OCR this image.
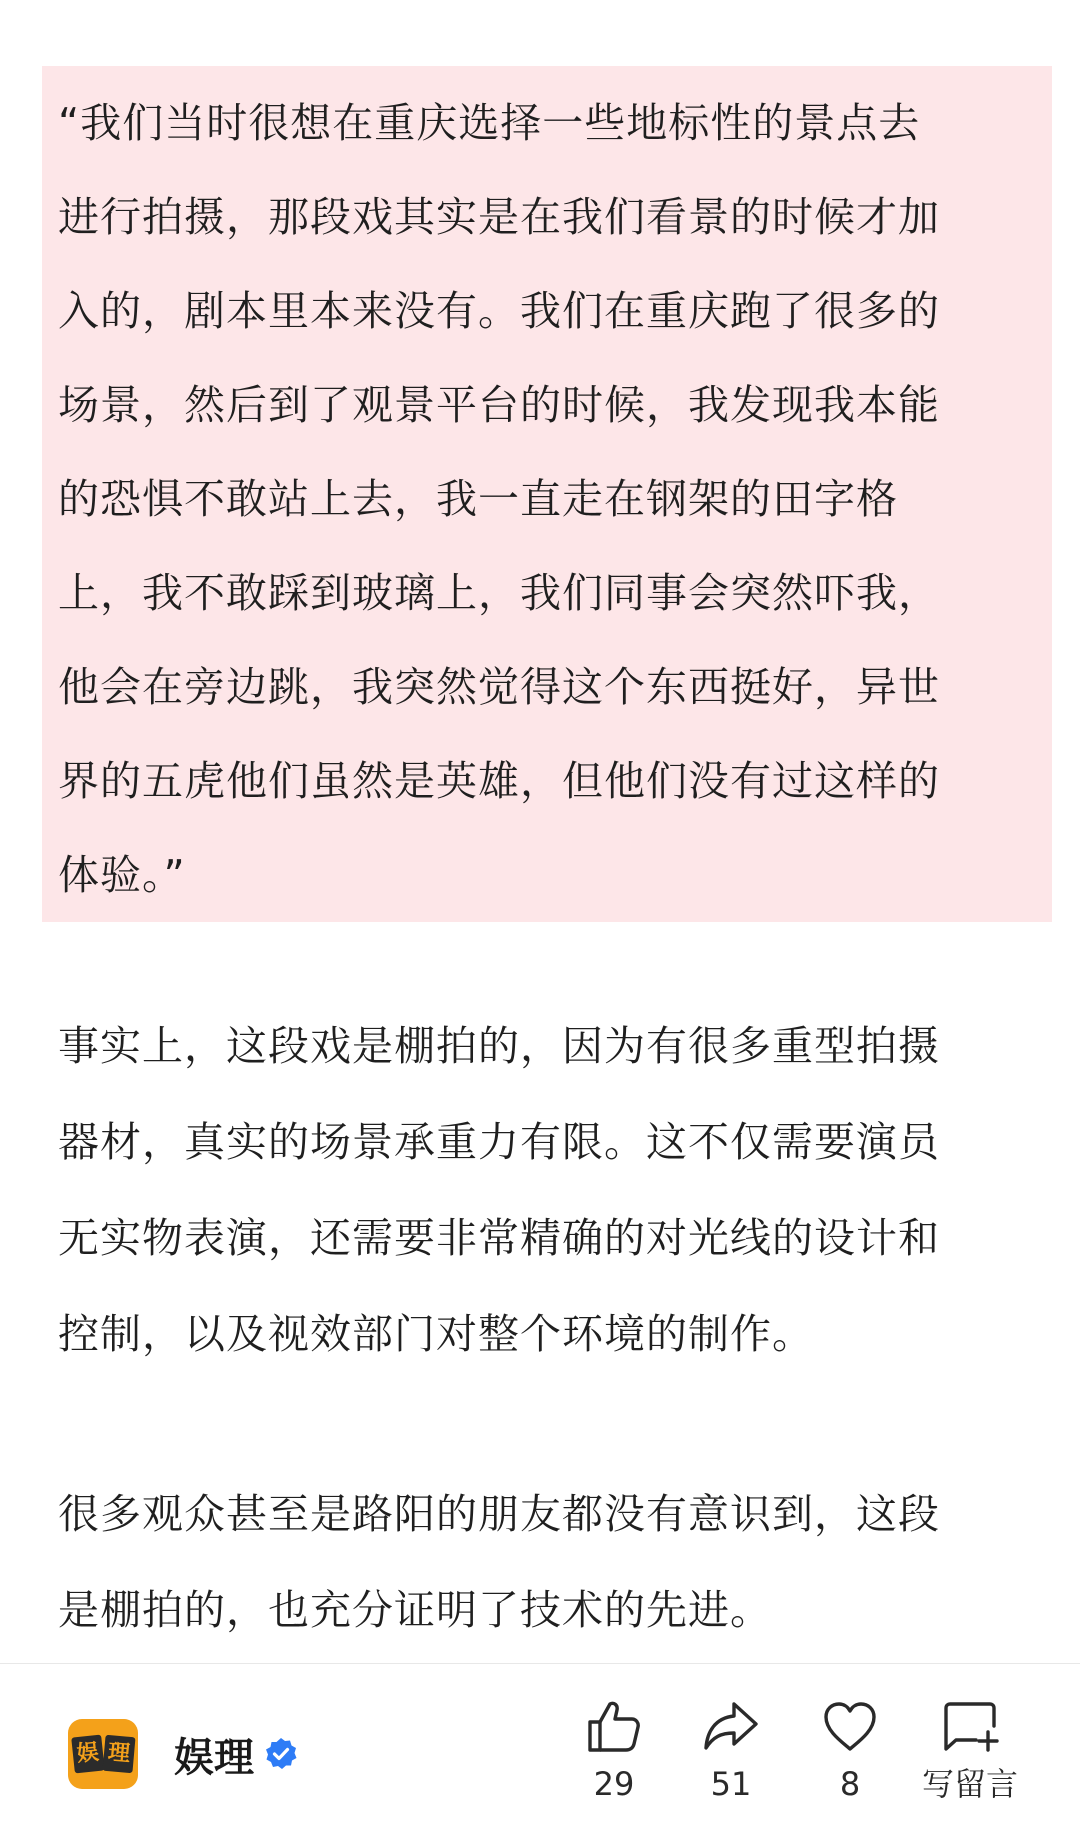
“我们当时很想在重庆选择一些地标性的景点去
进行拍摄，那段戏其实是在我们看景的时候才加
入的，剧本里本来没有。我们在重庆跑了很多的
场景，然后到了观景平台的时候，我发现我本能
的恐惧不敢站上去，我一直走在钢架的田字格
上，我不敢踩到玻璃上，我们同事会突然吓我，
他会在旁边跳，我突然觉得这个东西挺好，异世
界的五虎他们虽然是英雄，但他们没有过这样的
体验。”
事实上，这段戏是棚拍的，因为有很多重型拍摄
器材，真实的场景承重力有限。这不仅需要演员
无实物表演，还需要非常精确的对光线的设计和
控制，以及视效部门对整个环境的制作。
很多观众甚至是路阳的朋友都没有意识到，这段
是棚拍的，也充分证明了技术的先进。
娱 理 娱理
29	51	8	写留言
